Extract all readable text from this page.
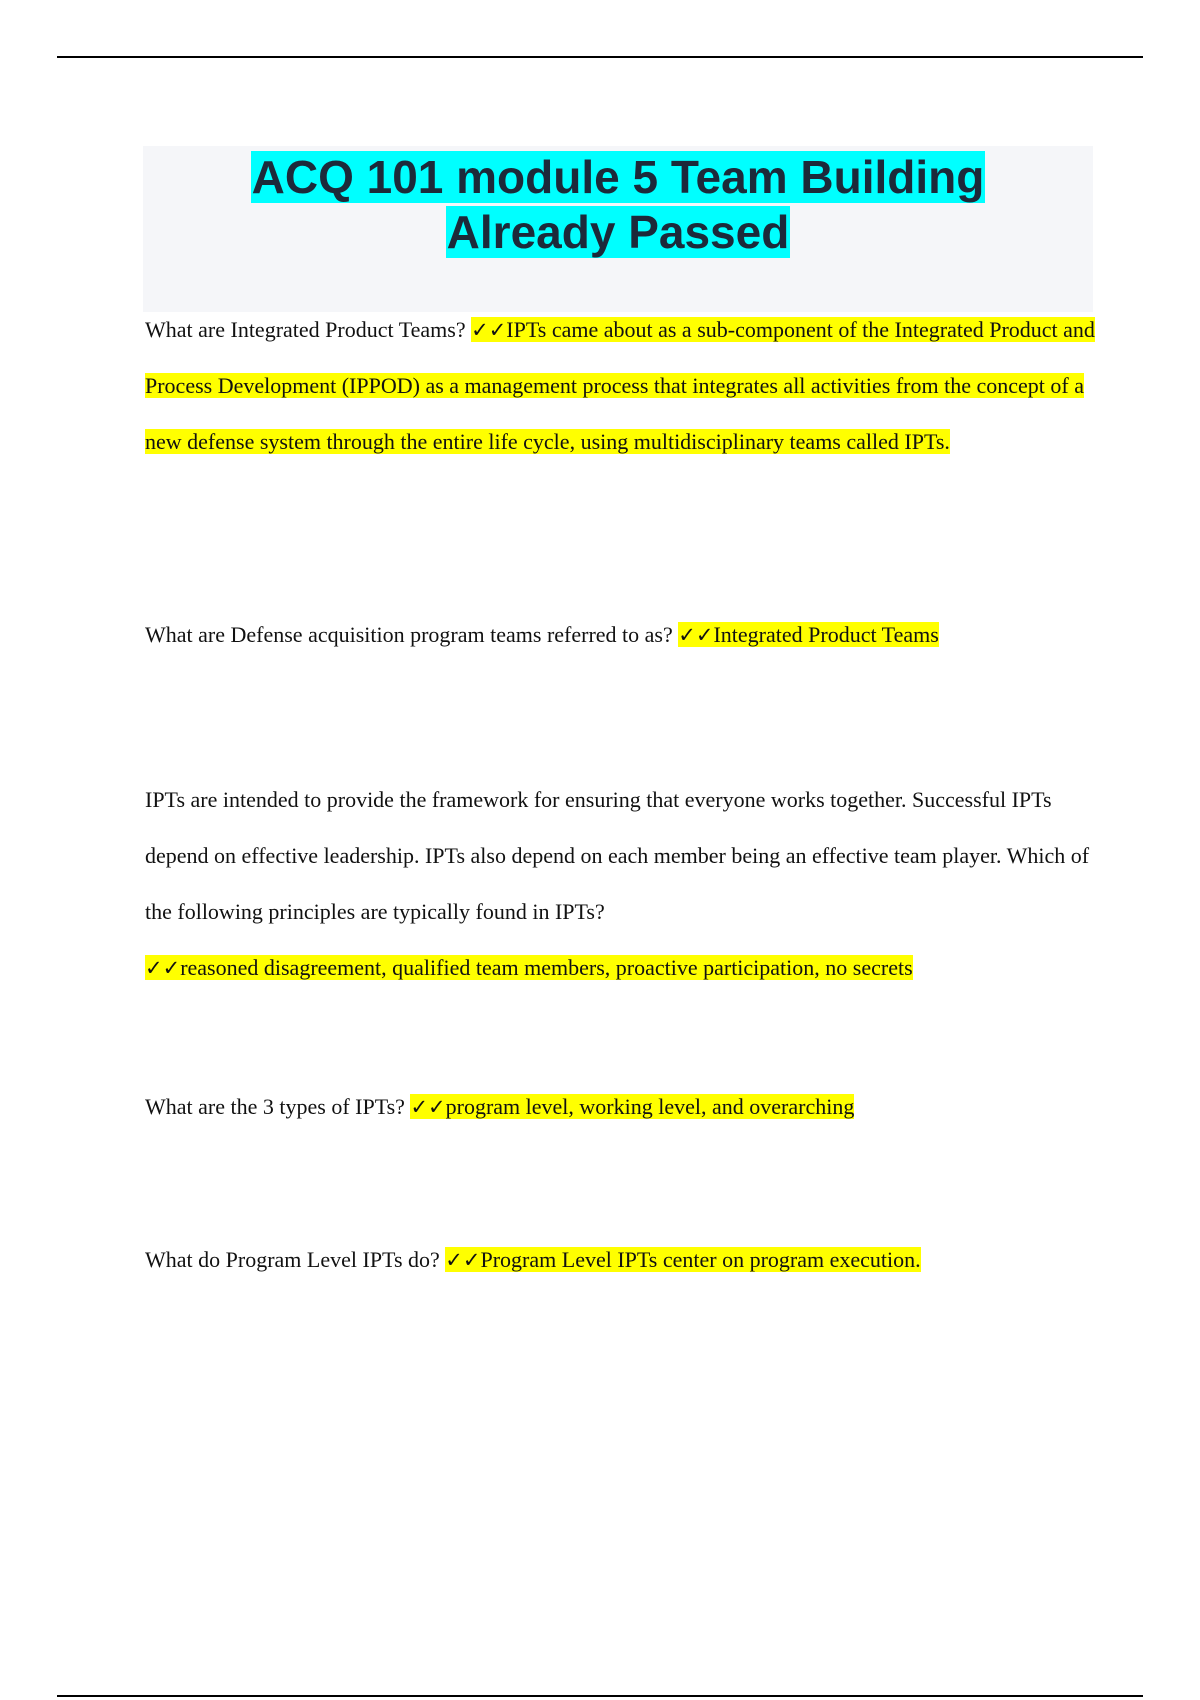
ACQ 101 module 5 Team Building
Already Passed
What are Integrated Product Teams? ✓✓IPTs came about as a sub-component of the Integrated Product and Process Development (IPPOD) as a management process that integrates all activities from the concept of a new defense system through the entire life cycle, using multidisciplinary teams called IPTs.
What are Defense acquisition program teams referred to as? ✓✓Integrated Product Teams
IPTs are intended to provide the framework for ensuring that everyone works together. Successful IPTs depend on effective leadership. IPTs also depend on each member being an effective team player. Which of the following principles are typically found in IPTs?
✓✓reasoned disagreement, qualified team members, proactive participation, no secrets
What are the 3 types of IPTs? ✓✓program level, working level, and overarching
What do Program Level IPTs do? ✓✓Program Level IPTs center on program execution.
